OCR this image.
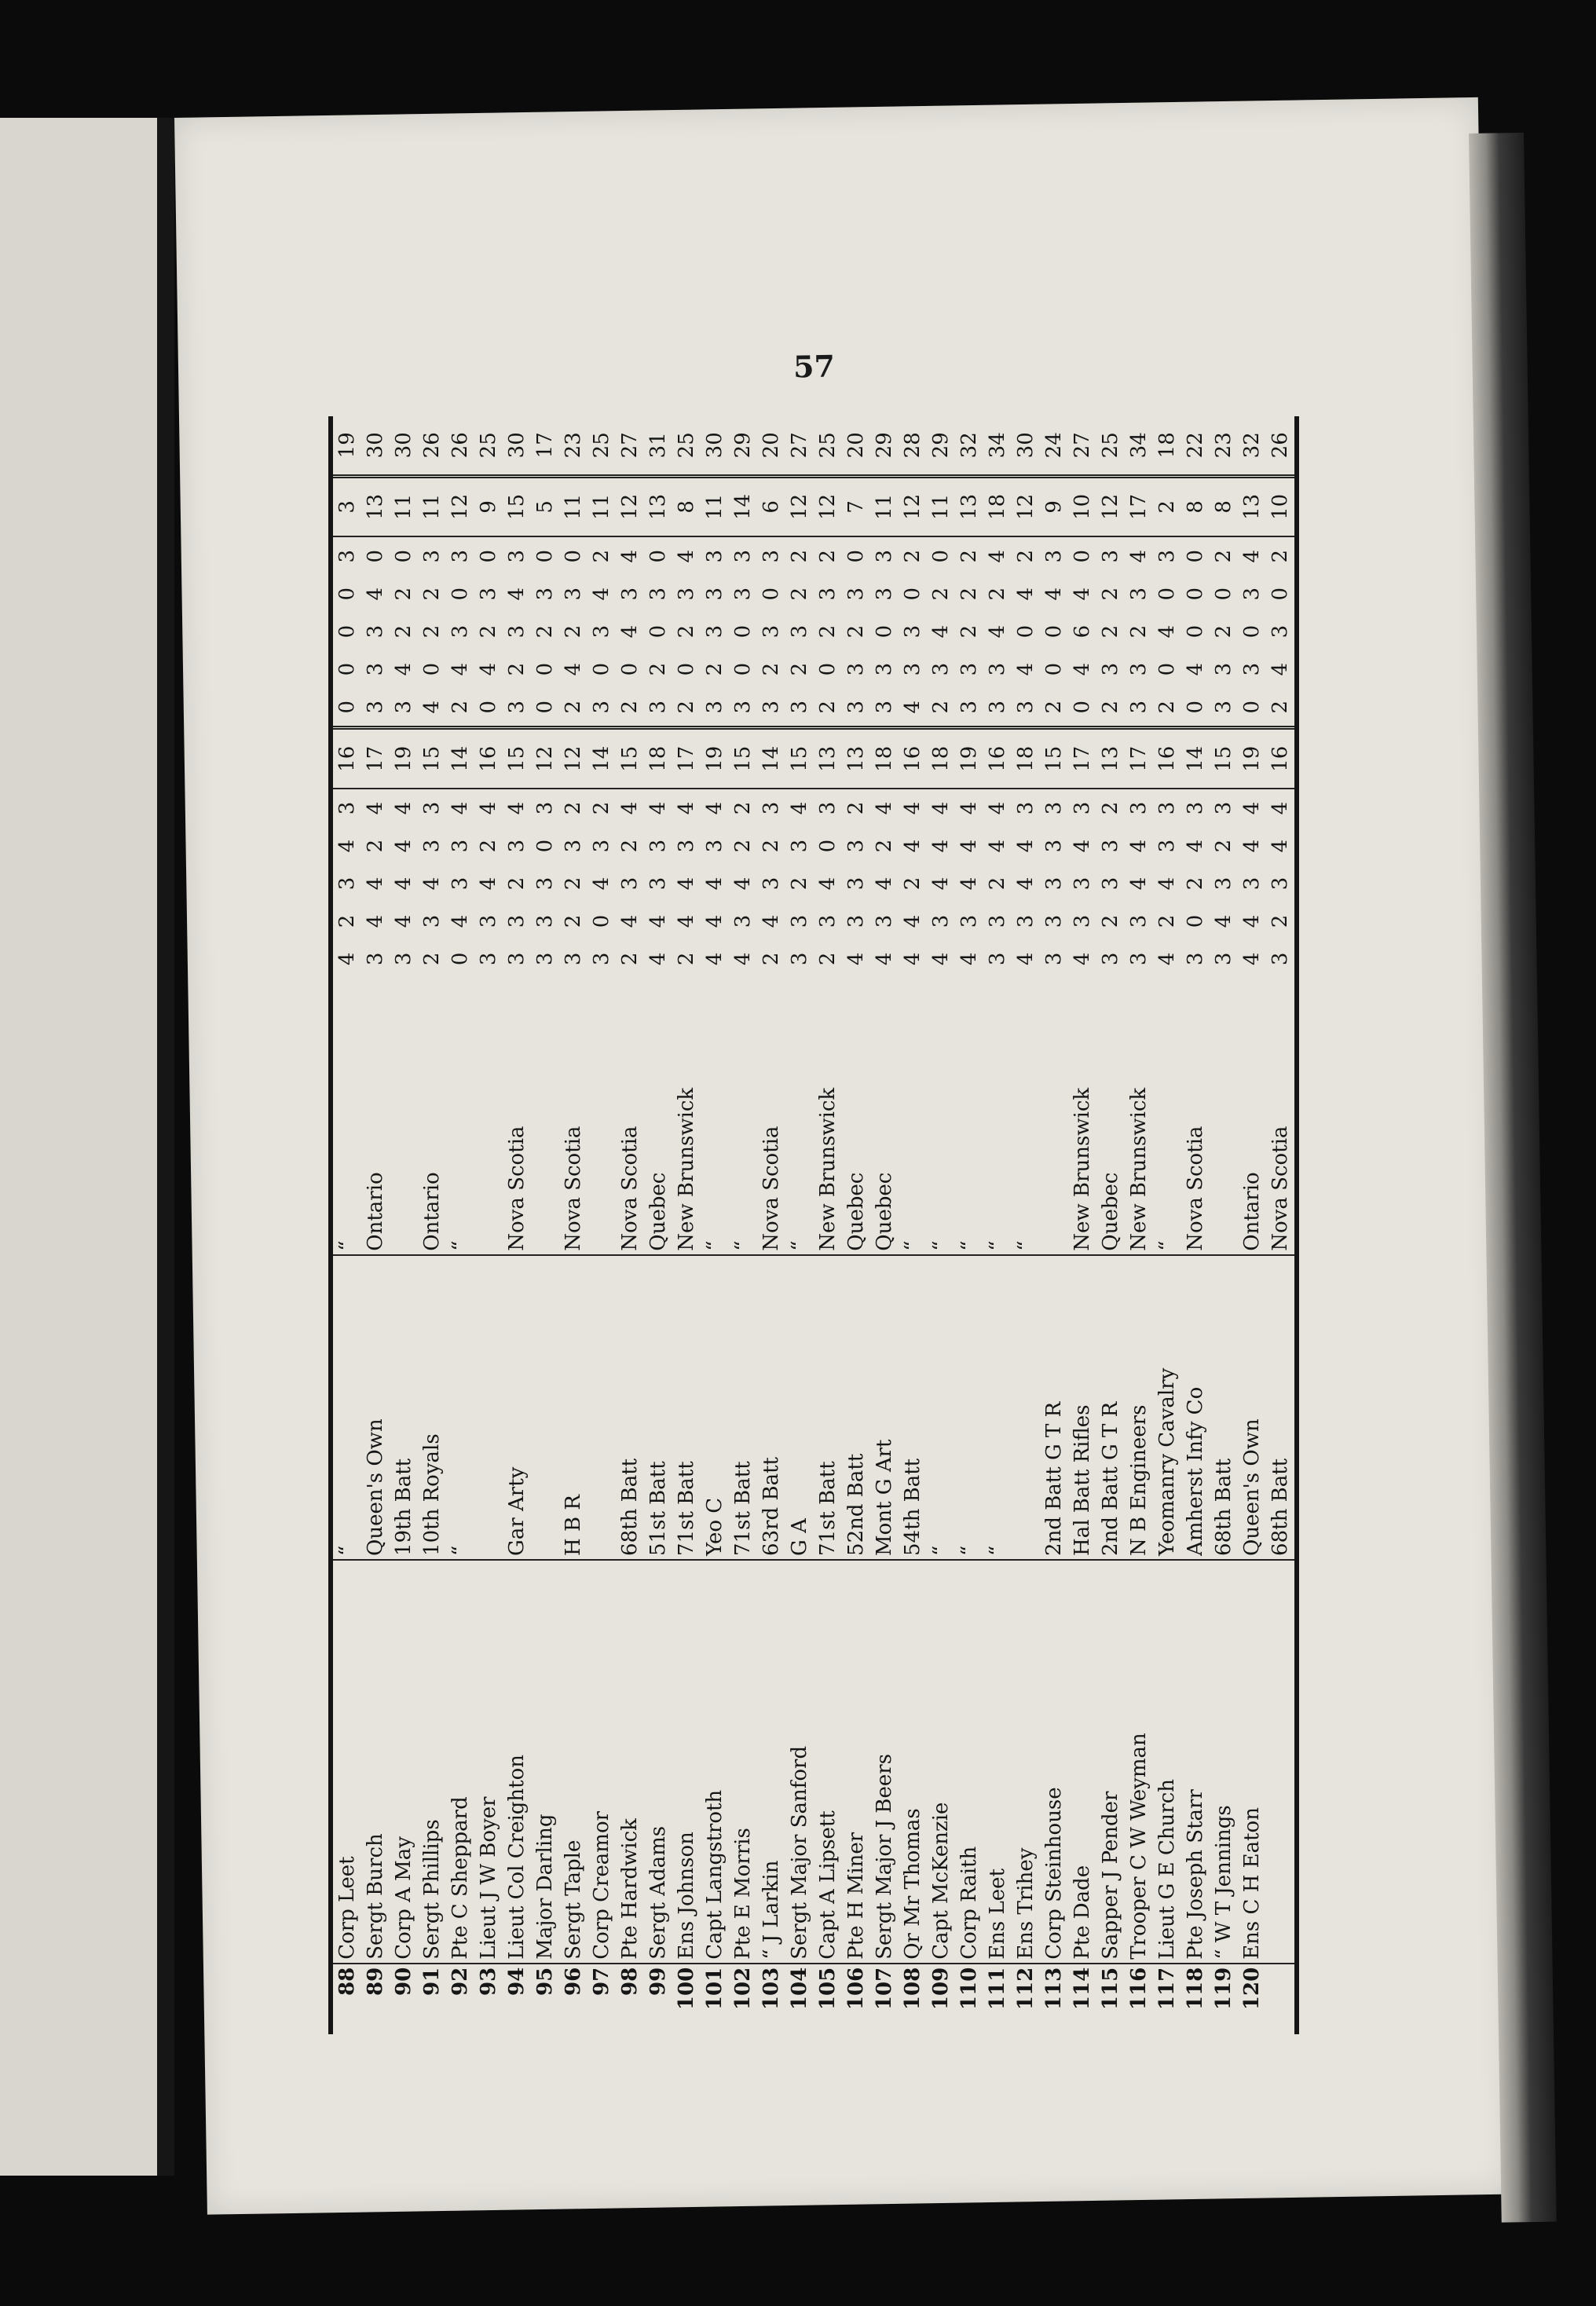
57
88	Corp Leet	“	“	4	2	3	4	3	16	0	0	0	0	3	3	19
89	Sergt Burch	Queen's Own	Ontario	3	4	4	2	4	17	3	3	3	4	0	13	30
90	Corp A May	19th Batt		3	4	4	4	4	19	3	4	2	2	0	11	30
91	Sergt Phillips	10th Royals	Ontario	2	3	4	3	3	15	4	0	2	2	3	11	26
92	Pte C Sheppard	“	“	0	4	3	3	4	14	2	4	3	0	3	12	26
93	Lieut J W Boyer			3	3	4	2	4	16	0	4	2	3	0	9	25
94	Lieut Col Creighton	Gar Arty	Nova Scotia	3	3	2	3	4	15	3	2	3	4	3	15	30
95	Major Darling			3	3	3	0	3	12	0	0	2	3	0	5	17
96	Sergt Taple	H B R	Nova Scotia	3	2	2	3	2	12	2	4	2	3	0	11	23
97	Corp Creamor			3	0	4	3	2	14	3	0	3	4	2	11	25
98	Pte Hardwick	68th Batt	Nova Scotia	2	4	3	2	4	15	2	0	4	3	4	12	27
99	Sergt Adams	51st Batt	Quebec	4	4	3	3	4	18	3	2	0	3	0	13	31
100	Ens Johnson	71st Batt	New Brunswick	2	4	4	3	4	17	2	0	2	3	4	8	25
101	Capt Langstroth	Yeo C	“	4	4	4	3	4	19	3	2	3	3	3	11	30
102	Pte E Morris	71st Batt	“	4	3	4	2	2	15	3	0	0	3	3	14	29
103	“ J Larkin	63rd Batt	Nova Scotia	2	4	3	2	3	14	3	2	3	0	3	6	20
104	Sergt Major Sanford	G A	“	3	3	2	3	4	15	3	2	3	2	2	12	27
105	Capt A Lipsett	71st Batt	New Brunswick	2	3	4	0	3	13	2	0	2	3	2	12	25
106	Pte H Miner	52nd Batt	Quebec	4	3	3	3	2	13	3	3	2	3	0	7	20
107	Sergt Major J Beers	Mont G Art	Quebec	4	3	4	2	4	18	3	3	0	3	3	11	29
108	Qr Mr Thomas	54th Batt	“	4	4	2	4	4	16	4	3	3	0	2	12	28
109	Capt McKenzie	“	“	4	3	4	4	4	18	2	3	4	2	0	11	29
110	Corp Raith	“	“	4	3	4	4	4	19	3	3	2	2	2	13	32
111	Ens Leet	“	“	3	3	2	4	4	16	3	3	4	2	4	18	34
112	Ens Trihey		“	4	3	4	4	3	18	3	4	0	4	2	12	30
113	Corp Steinhouse	2nd Batt G T R		3	3	3	3	3	15	2	0	0	4	3	9	24
114	Pte Dade	Hal Batt Rifles	New Brunswick	4	3	3	4	3	17	0	4	6	4	0	10	27
115	Sapper J Pender	2nd Batt G T R	Quebec	3	2	3	3	2	13	2	3	2	2	3	12	25
116	Trooper C W Weyman	N B Engineers	New Brunswick	3	3	4	4	3	17	3	3	2	3	4	17	34
117	Lieut G E Church	Yeomanry Cavalry	“	4	2	4	3	3	16	2	0	4	0	3	2	18
118	Pte Joseph Starr	Amherst Infy Co	Nova Scotia	3	0	2	4	3	14	0	4	0	0	0	8	22
119	“ W T Jennings	68th Batt		3	4	3	2	3	15	3	3	2	0	2	8	23
120	Ens C H Eaton	Queen's Own	Ontario	4	4	3	4	4	19	0	3	0	3	4	13	32
		68th Batt	Nova Scotia	3	2	3	4	4	16	2	4	3	0	2	10	26
